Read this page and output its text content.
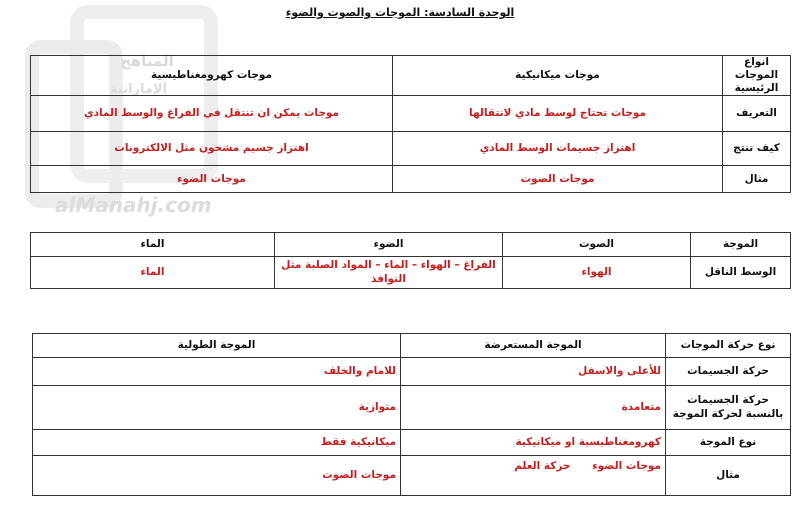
المناهج
الإماراتية
alManahj.com
الوحدة السادسة: الموجات والصوت والضوء
انواع الموجات الرئيسية	موجات ميكانيكية	موجات كهرومغناطيسية
التعريف	موجات تحتاج لوسط مادي لانتقالها	موجات يمكن ان تنتقل في الفراغ والوسط المادي
كيف تنتج	اهتزاز جسيمات الوسط المادي	اهتزاز جسيم مشحون مثل الالكترونات
مثال	موجات الصوت	موجات الضوء
الموجة	الصوت	الضوء	الماء
الوسط الناقل	الهواء	الفراغ – الهواء – الماء – المواد الصلبة مثل النوافذ	الماء
نوع حركة الموجات	الموجة المستعرضة	الموجة الطولية
حركة الجسيمات	للأعلى والاسفل	للامام والخلف
حركة الجسيمات بالنسبة لحركة الموجة	متعامدة	متوازية
نوع الموجة	كهرومغناطيسية او ميكانيكية	ميكانيكية فقط
مثال	موجات الضوء      حركة العلم	موجات الصوت
